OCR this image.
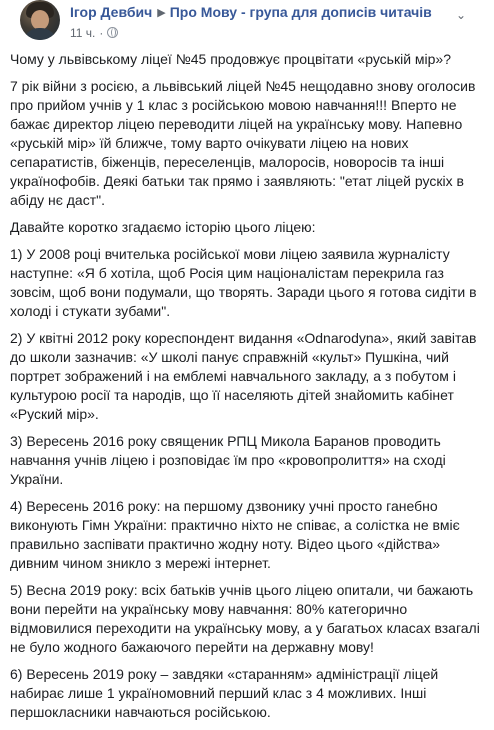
Ігор Девбич ▶ Про Мову - група для дописів читачів
11 ч. ·
⌄

Чому у львівському ліцеї №45 продовжує процвітати «руській мір»?

7 рік війни з росією, а львівський ліцей №45 нещодавно знову оголосив про прийом учнів у 1 клас з російською мовою навчання!!! Вперто не бажає директор ліцею переводити ліцей на українську мову. Напевно «руській мір» їй ближче, тому варто очікувати ліцею на нових сепаратистів, біженців, переселенців, малоросів, новоросів та інші українофобів. Деякі батьки так прямо і заявляють: "етат ліцей рускіх в абіду нє даст".

Давайте коротко згадаємо історію цього ліцею:

1) У 2008 році вчителька російської мови ліцею заявила журналісту наступне: «Я б хотіла, щоб Росія цим націоналістам перекрила газ зовсім, щоб вони подумали, що творять. Заради цього я готова сидіти в холоді і стукати зубами".

2) У квітні 2012 року кореспондент видання «Odnarodyna», який завітав до школи зазначив: «У школі панує справжній «культ» Пушкіна, чий портрет зображений і на емблемі навчального закладу, а з побутом і культурою росії та народів, що її населяють дітей знайомить кабінет «Руский мір».

3) Вересень 2016 року священик РПЦ Микола Баранов проводить навчання учнів ліцею і розповідає їм про «кровопролиття» на сході України.

4) Вересень 2016 року: на першому дзвонику учні просто ганебно виконують Гімн України: практично ніхто не співає, а солістка не вміє правильно заспівати практично жодну ноту. Відео цього «дійства» дивним чином зникло з мережі інтернет.

5) Весна 2019 року: всіх батьків учнів цього ліцею опитали, чи бажають вони перейти на українську мову навчання: 80% категорично відмовилися переходити на українську мову, а у багатьох класах взагалі не було жодного бажаючого перейти на державну мову!

6) Вересень 2019 року – завдяки «старанням» адміністрації ліцей набирає лише 1 україномовний перший клас з 4 можливих. Інші першокласники навчаються російською.
